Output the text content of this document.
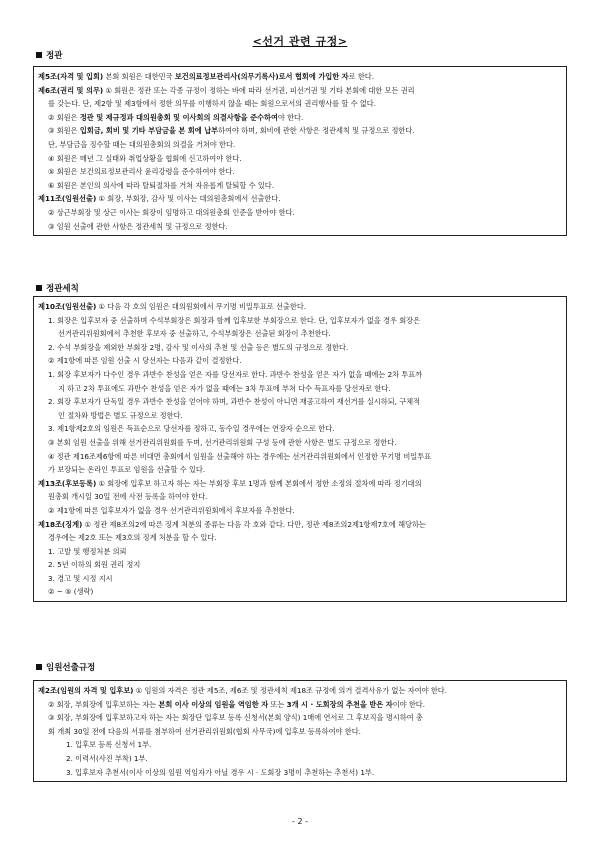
<선거 관련 규정>
정관
제5조(자격 및 입회) 본회 회원은 대한민국 보건의료정보관리사(의무기록사)로서 협회에 가입한 자로 한다.
제6조(권리 및 의무) ① 회원은 정관 또는 각종 규정이 정하는 바에 따라 선거권, 피선거권 및 기타 본회에 대한 모든 권리
를 갖는다. 단, 제2항 및 제3항에서 정한 의무를 이행하지 않을 때는 회원으로서의 권리행사를 할 수 없다.
② 회원은 정관 및 제규정과 대의원총회 및 이사회의 의결사항을 준수하여야 한다.
③ 회원은 입회금, 회비 및 기타 부담금을 본 회에 납부하여야 하며, 회비에 관한 사항은 정관세칙 및 규정으로 정한다.
단, 부담금을 징수할 때는 대의원총회의 의결을 거쳐야 한다.
④ 회원은 매년 그 실태와 취업상황을 협회에 신고하여야 한다.
⑤ 회원은 보건의료정보관리사 윤리강령을 준수하여야 한다.
⑥ 회원은 본인의 의사에 따라 탈퇴절차를 거쳐 자유롭게 탈퇴할 수 있다.
제11조(임원선출) ① 회장, 부회장, 감사 및 이사는 대의원총회에서 선출한다.
② 상근부회장 및 상근 이사는 회장이 임명하고 대의원총회 인준을 받아야 한다.
③ 임원 선출에 관한 사항은 정관세칙 및 규정으로 정한다.
정관세칙
제10조(임원선출) ① 다음 각 호의 임원은 대의원회에서 무기명 비밀투표로 선출한다.
1. 회장은 입후보자 중 선출하며 수석부회장은 회장과 함께 입후보한 부회장으로 한다. 단, 입후보자가 없을 경우 회장은
선거관리위원회에서 추천한 후보자 중 선출하고, 수석부회장은 선출된 회장이 추천한다.
2. 수석 부회장을 제외한 부회장 2명, 감사 및 이사의 추천 및 선출 등은 별도의 규정으로 정한다.
② 제1항에 따른 임원 선출 시 당선자는 다음과 같이 결정한다.
1. 회장 후보자가 다수인 경우 과반수 찬성을 얻은 자를 당선자로 한다. 과반수 찬성을 얻은 자가 없을 때에는 2차 투표까
지 하고 2차 투표에도 과반수 찬성을 얻은 자가 없을 때에는 3차 투표에 부쳐 다수 득표자를 당선자로 한다.
2. 회장 후보자가 단독일 경우 과반수 찬성을 얻어야 하며, 과반수 찬성이 아니면 재공고하여 재선거를 실시하되, 구체적
인 절차와 방법은 별도 규정으로 정한다.
3. 제1항제2호의 임원은 득표순으로 당선자를 정하고, 동수일 경우에는 연장자 순으로 한다.
③ 본회 임원 선출을 위해 선거관리위원회를 두며, 선거관리위원회 구성 등에 관한 사항은 별도 규정으로 정한다.
④ 정관 제16조제6항에 따른 비대면 총회에서 임원을 선출해야 하는 경우에는 선거관리위원회에서 인정한 무기명 비밀투표
가 보장되는 온라인 투표로 임원을 선출할 수 있다.
제13조(후보등록) ① 회장에 입후보 하고자 하는 자는 부회장 후보 1명과 함께 본회에서 정한 소정의 절차에 따라 정기대의
원총회 개시일 30일 전에 사전 등록을 하여야 한다.
② 제1항에 따른 입후보자가 없을 경우 선거관리위원회에서 후보자를 추천한다.
제18조(징계) ① 정관 제8조의2에 따른 징계 처분의 종류는 다음 각 호와 같다. 다만, 정관 제8조의2제1항제7호에 해당하는
경우에는 제2호 또는 제3호의 징계 처분을 할 수 있다.
1. 고발 및 행정처분 의뢰
2. 5년 이하의 회원 권리 정지
3. 경고 및 시정 지시
② ~ ⑤ (생략)
임원선출규정
제2조(임원의 자격 및 입후보) ① 임원의 자격은 정관 제5조, 제6조 및 정관세칙 제18조 규정에 의거 결격사유가 없는 자여야 한다.
② 회장, 부회장에 입후보하는 자는 본회 이사 이상의 임원을 역임한 자 또는 3개 시 · 도회장의 추천을 받은 자이야 한다.
③ 회장, 부회장에 입후보하고자 하는 자는 회장단 입후보 등록 신청서(본회 양식) 1매에 연서로 그 후보직을 명시하여 총
회 개최 30일 전에 다음의 서류를 첨부하여 선거관리위원회(협회 사무국)에 입후보 등록하여야 한다.
1. 입후보 등록 신청서 1부.
2. 이력서(사진 부착) 1부.
3. 입후보자 추천서(이사 이상의 임원 역임자가 아닐 경우 시 · 도회장 3명이 추천하는 추천서) 1부.
- 2 -
